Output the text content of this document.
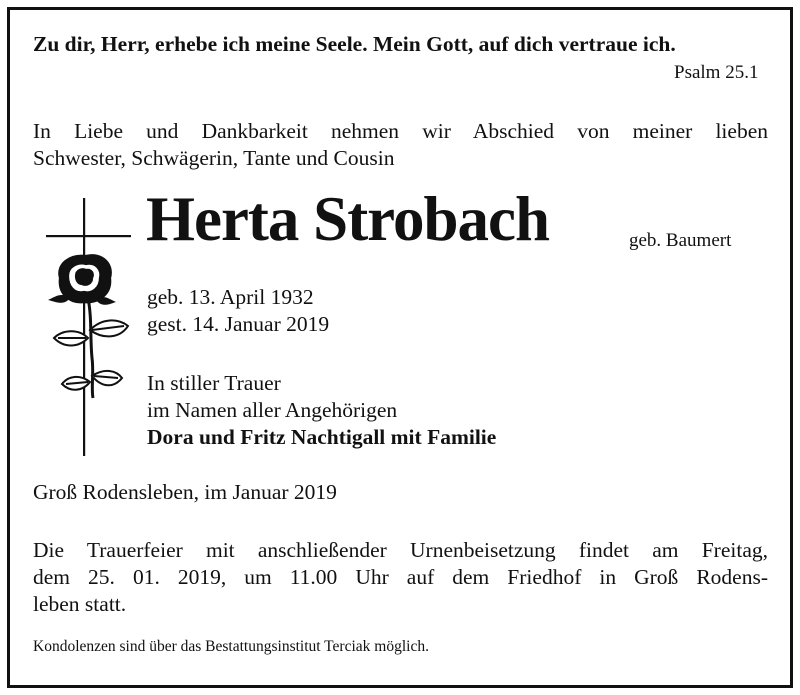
Zu dir, Herr, erhebe ich meine Seele. Mein Gott, auf dich vertraue ich.
Psalm 25.1
In Liebe und Dankbarkeit nehmen wir Abschied von meiner lieben
Schwester, Schwägerin, Tante und Cousin
Herta Strobach	geb. Baumert
geb. 13. April 1932
gest. 14. Januar 2019
In stiller Trauer
im Namen aller Angehörigen
Dora und Fritz Nachtigall mit Familie
Groß Rodensleben, im Januar 2019
Die Trauerfeier mit anschließender Urnenbeisetzung findet am Freitag,
dem 25. 01. 2019, um 11.00 Uhr auf dem Friedhof in Groß Rodens-
leben statt.
Kondolenzen sind über das Bestattungsinstitut Terciak möglich.
